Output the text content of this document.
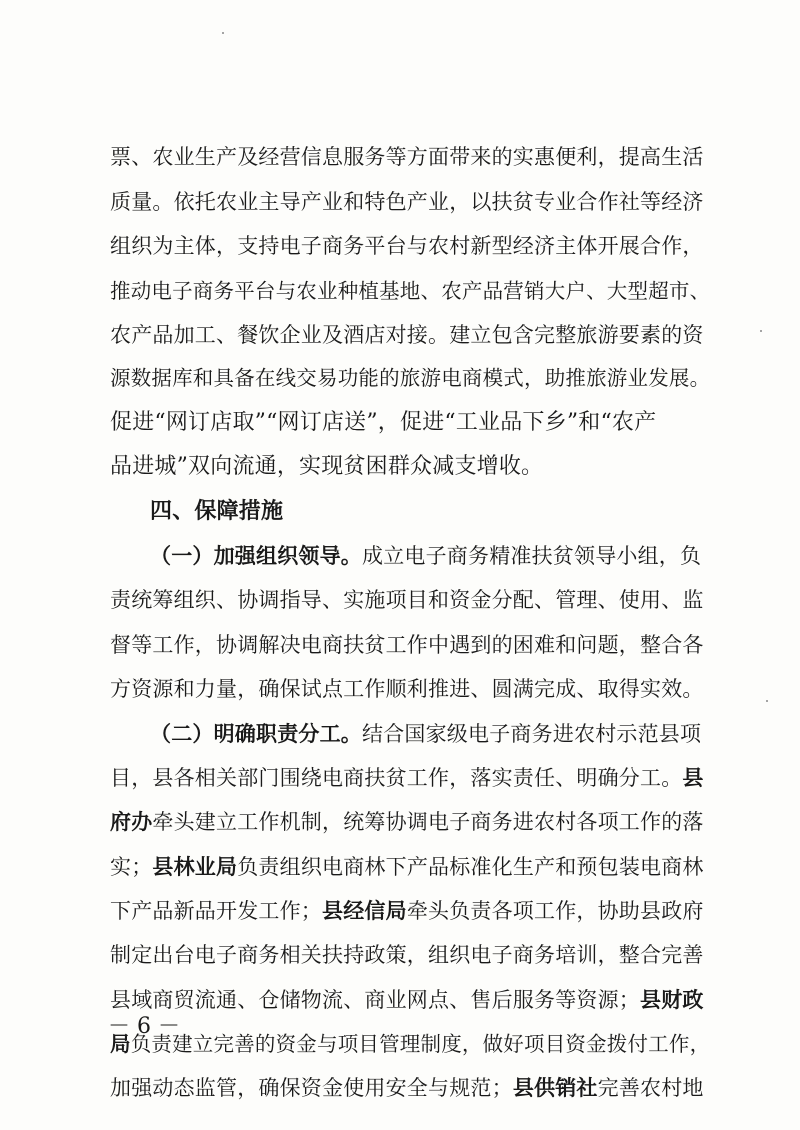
票、农业生产及经营信息服务等方面带来的实惠便利，提高生活
质量。依托农业主导产业和特色产业，以扶贫专业合作社等经济
组织为主体，支持电子商务平台与农村新型经济主体开展合作，
推动电子商务平台与农业种植基地、农产品营销大户、大型超市、
农产品加工、餐饮企业及酒店对接。建立包含完整旅游要素的资
源数据库和具备在线交易功能的旅游电商模式，助推旅游业发展。
促进“网订店取”“网订店送”，促进“工业品下乡”和“农产
品进城”双向流通，实现贫困群众减支增收。
四、保障措施
（一）加强组织领导。成立电子商务精准扶贫领导小组，负
责统筹组织、协调指导、实施项目和资金分配、管理、使用、监
督等工作，协调解决电商扶贫工作中遇到的困难和问题，整合各
方资源和力量，确保试点工作顺利推进、圆满完成、取得实效。
（二）明确职责分工。结合国家级电子商务进农村示范县项
目，县各相关部门围绕电商扶贫工作，落实责任、明确分工。县
府办牵头建立工作机制，统筹协调电子商务进农村各项工作的落
实；县林业局负责组织电商林下产品标准化生产和预包装电商林
下产品新品开发工作；县经信局牵头负责各项工作，协助县政府
制定出台电子商务相关扶持政策，组织电子商务培训，整合完善
县域商贸流通、仓储物流、商业网点、售后服务等资源；县财政
局负责建立完善的资金与项目管理制度，做好项目资金拨付工作，
加强动态监管，确保资金使用安全与规范；县供销社完善农村地
－ 6 －
